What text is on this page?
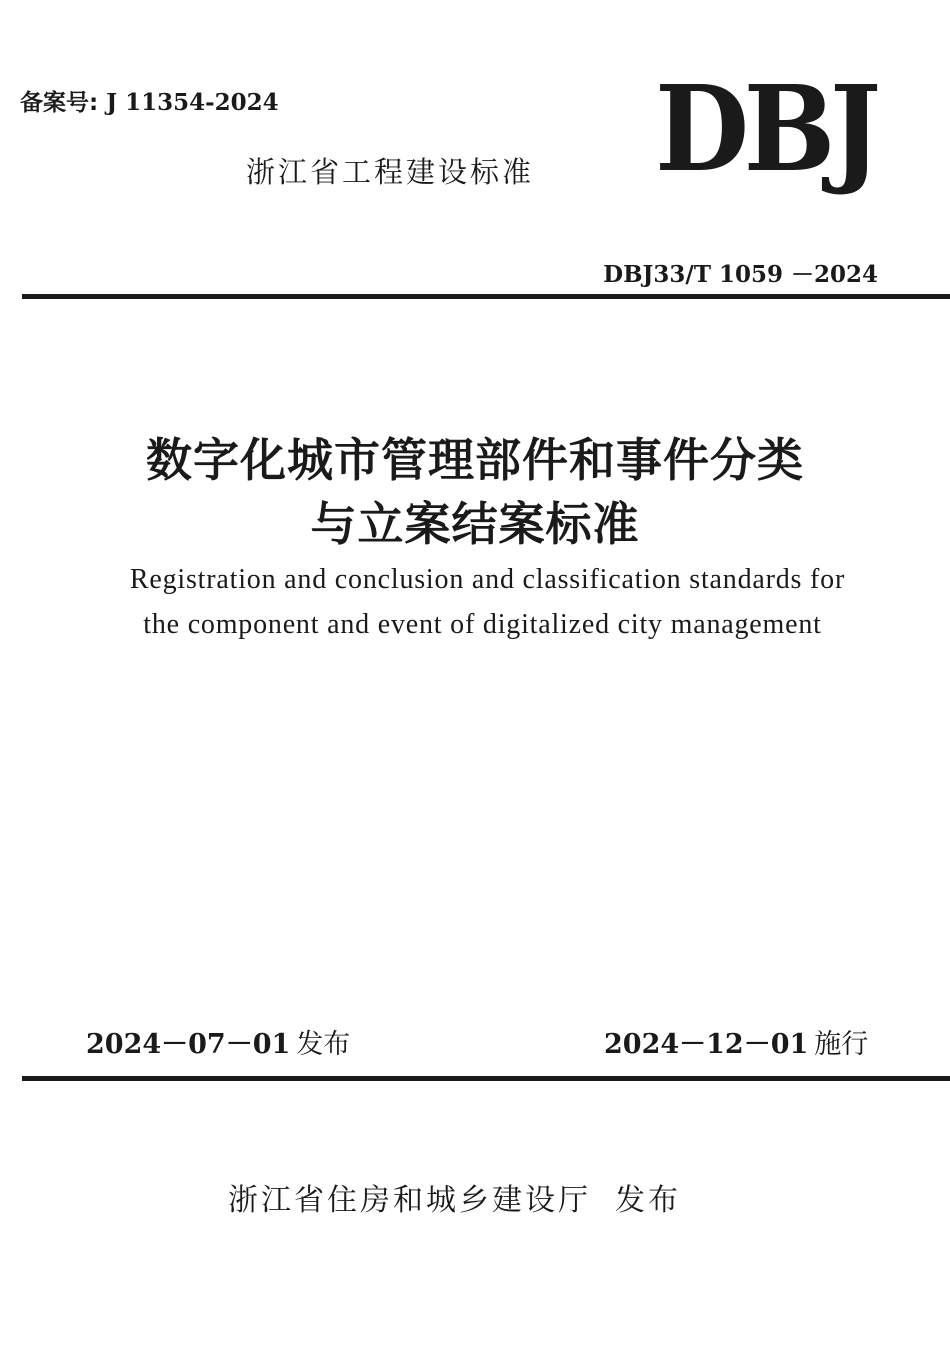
备案号: J 11354-2024
浙江省工程建设标准 DBJ
DBJ33/T 1059 －2024
数字化城市管理部件和事件分类
与立案结案标准
Registration and conclusion and classification standards for
the component and event of digitalized city management
2024－07－01 发布	2024－12－01 施行
浙江省住房和城乡建设厅 发布
